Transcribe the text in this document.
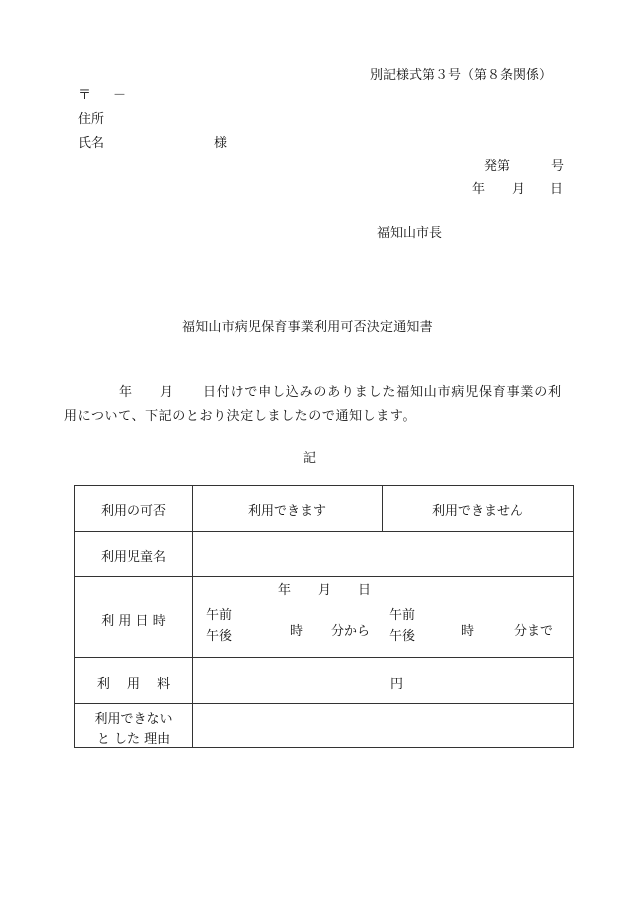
別記様式第３号（第８条関係）
〒 －
住所
氏名	様
発第	号
年 月 日
福知山市長
福知山市病児保育事業利用可否決定通知書
年 月 日付けで申し込みのありました福知山市病児保育事業の利
用について、下記のとおり決定しましたので通知します。
記
利用の可否	利用できます	利用できません
利用児童名
利 用 日 時
年 月 日
午前
午後	時 分から
午前
午後	時	分まで
利　 用　 料	円
利用できない
と した 理由
